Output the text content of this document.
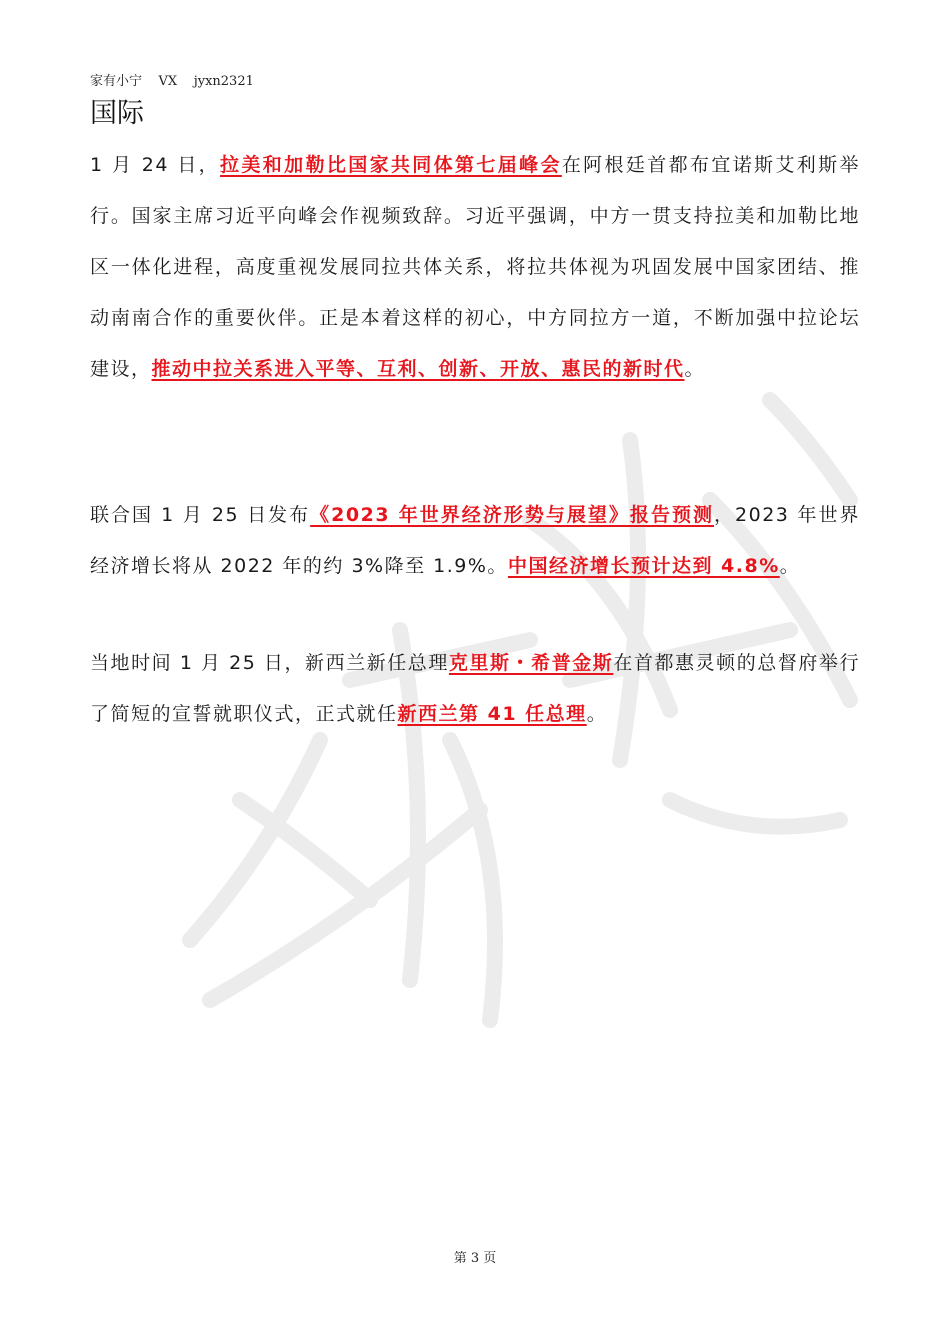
家有小宁    VX    jyxn2321
国际
1 月 24 日，拉美和加勒比国家共同体第七届峰会在阿根廷首都布宜诺斯艾利斯举行。国家主席习近平向峰会作视频致辞。习近平强调，中方一贯支持拉美和加勒比地区一体化进程，高度重视发展同拉共体关系，将拉共体视为巩固发展中国家团结、推动南南合作的重要伙伴。正是本着这样的初心，中方同拉方一道，不断加强中拉论坛建设，推动中拉关系进入平等、互利、创新、开放、惠民的新时代。
联合国 1 月 25 日发布《2023 年世界经济形势与展望》报告预测，2023 年世界经济增长将从 2022 年的约 3%降至 1.9%。中国经济增长预计达到 4.8%。
当地时间 1 月 25 日，新西兰新任总理克里斯・希普金斯在首都惠灵顿的总督府举行了简短的宣誓就职仪式，正式就任新西兰第 41 任总理。
第 3 页
